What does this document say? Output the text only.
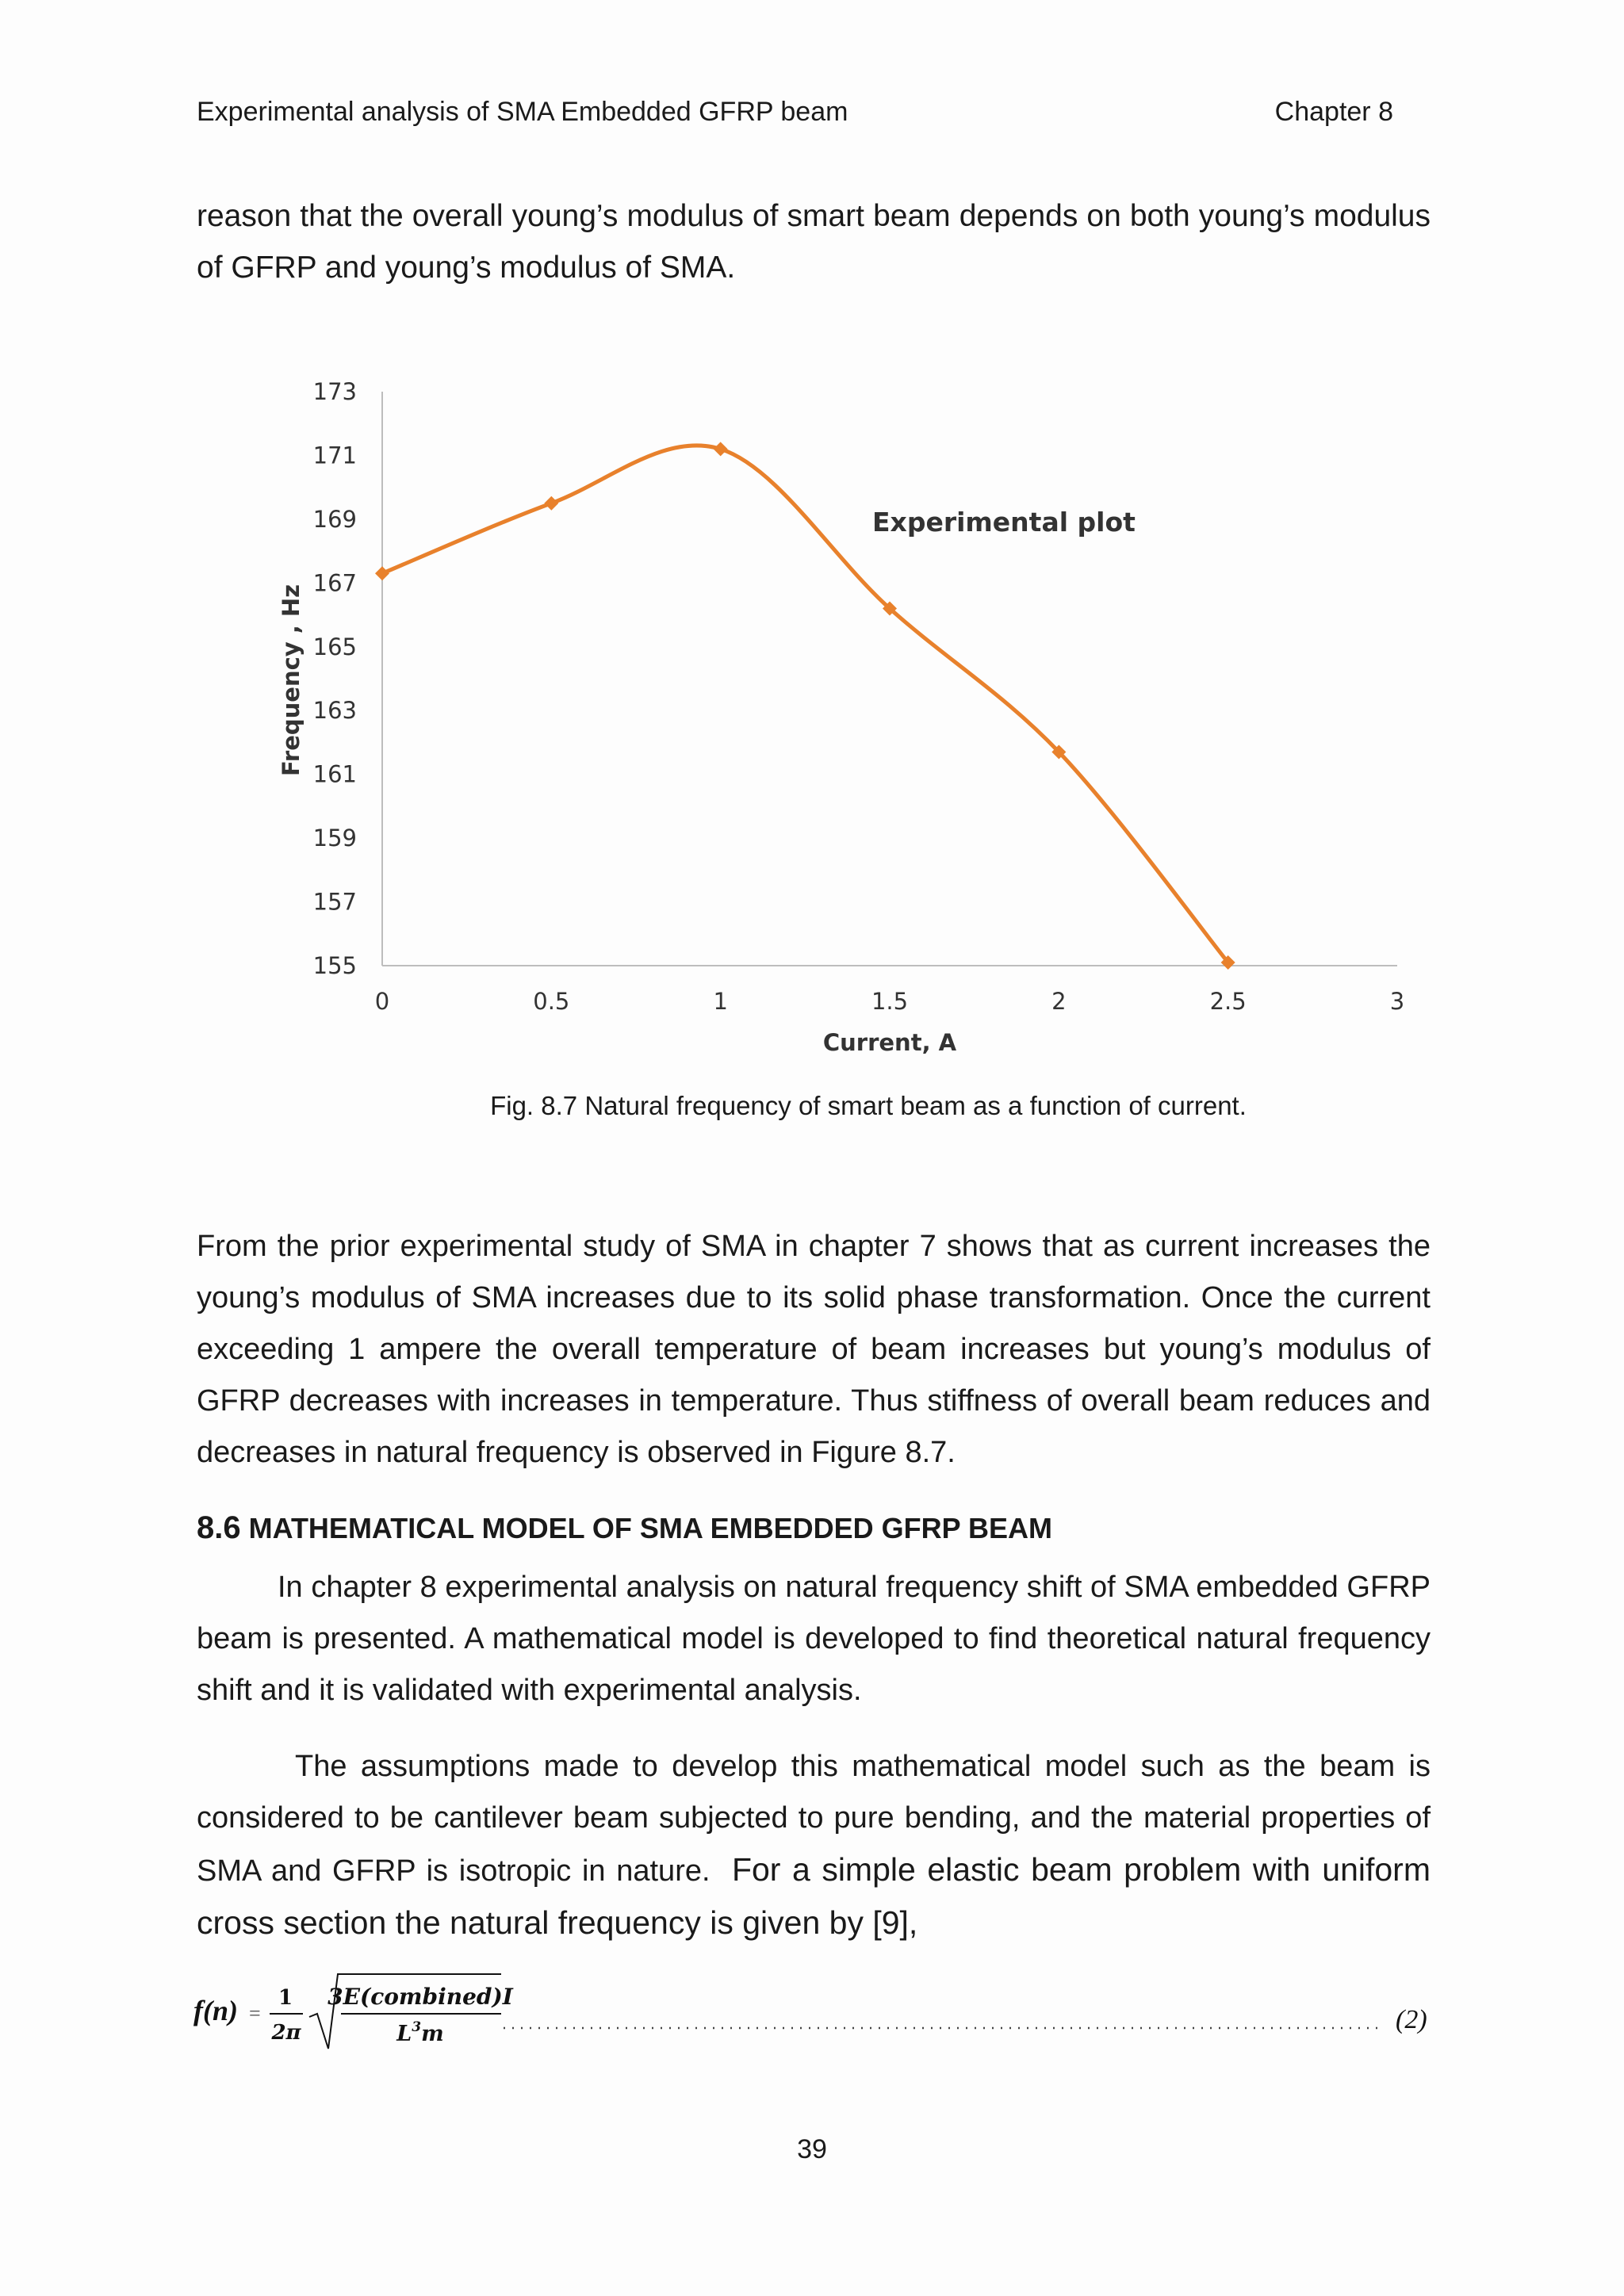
Experimental analysis of SMA Embedded GFRP beam	Chapter 8

reason that the overall young’s modulus of smart beam depends on both young’s modulus of GFRP and young’s modulus of SMA.

0	0.5	1	1.5	2	2.5	3
173
171
169
167
165
163
161
159
157
155
Current, A
Frequency , Hz
Experimental plot
Fig. 8.7 Natural frequency of smart beam as a function of current.

From the prior experimental study of SMA in chapter 7 shows that as current increases the young’s modulus of SMA increases due to its solid phase transformation. Once the current exceeding 1 ampere the overall temperature of beam increases but young’s modulus of GFRP decreases with increases in temperature. Thus stiffness of overall beam reduces and decreases in natural frequency is observed in Figure 8.7.

8.6 MATHEMATICAL MODEL OF SMA EMBEDDED GFRP BEAM

In chapter 8 experimental analysis on natural frequency shift of SMA embedded GFRP beam is presented. A mathematical model is developed to find theoretical natural frequency shift and it is validated with experimental analysis.

The assumptions made to develop this mathematical model such as the beam is considered to be cantilever beam subjected to pure bending, and the material properties of SMA and GFRP is isotropic in nature. For a simple elastic beam problem with uniform cross section the natural frequency is given by [9],

f(n) =
1
2π
3E(combined)I
$L^3m$	(2)
39
